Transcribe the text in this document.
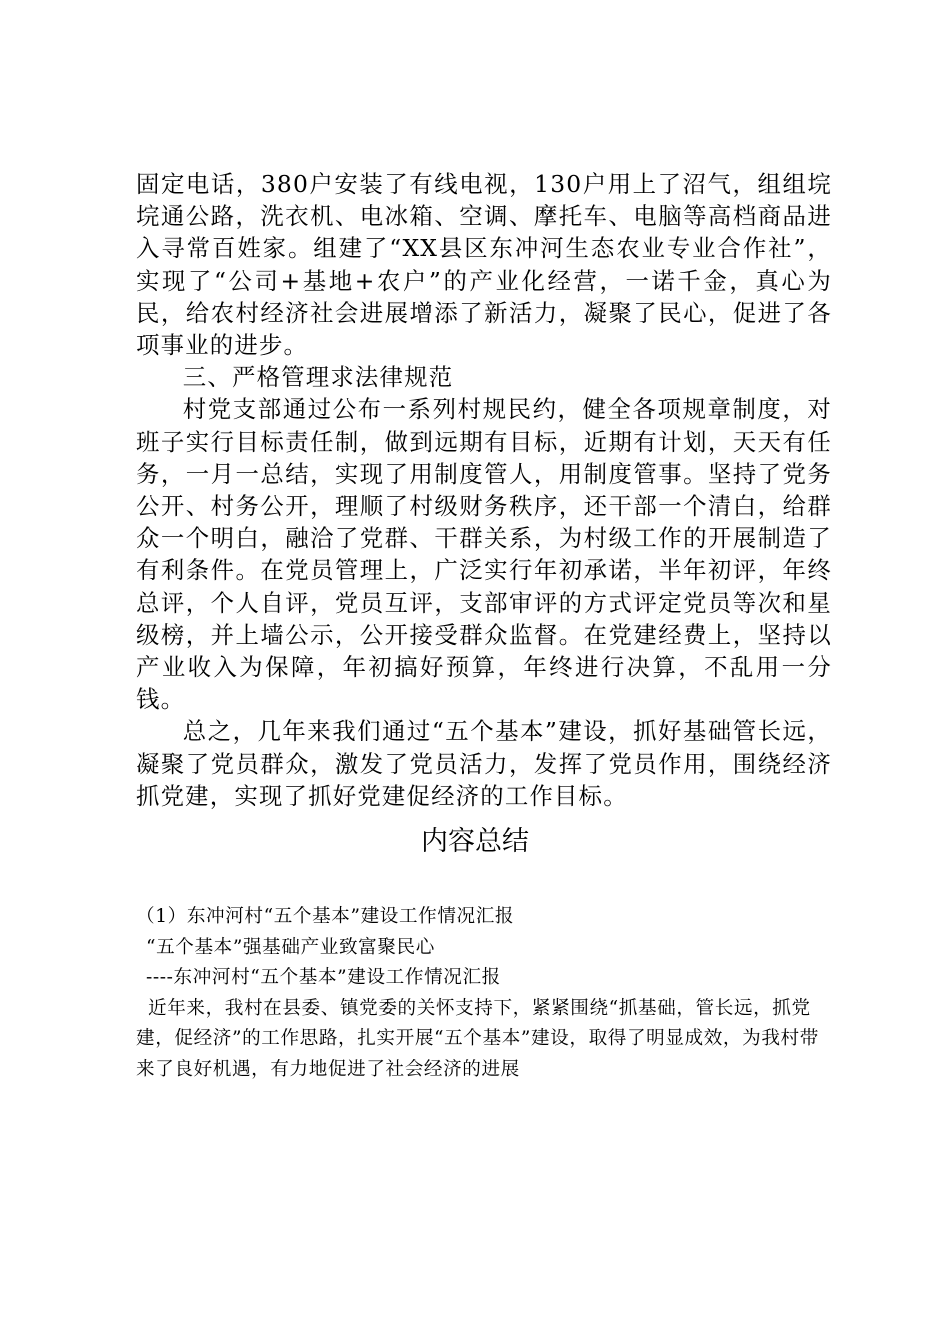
固定电话，380户安装了有线电视，130户用上了沼气，组组垸垸通公路，洗衣机、电冰箱、空调、摩托车、电脑等高档商品进入寻常百姓家。组建了“XX县区东冲河生态农业专业合作社”，实现了“公司+基地+农户”的产业化经营，一诺千金，真心为民，给农村经济社会进展增添了新活力，凝聚了民心，促进了各项事业的进步。

三、严格管理求法律规范

村党支部通过公布一系列村规民约，健全各项规章制度，对班子实行目标责任制，做到远期有目标，近期有计划，天天有任务，一月一总结，实现了用制度管人，用制度管事。坚持了党务公开、村务公开，理顺了村级财务秩序，还干部一个清白，给群众一个明白，融洽了党群、干群关系，为村级工作的开展制造了有利条件。在党员管理上，广泛实行年初承诺，半年初评，年终总评，个人自评，党员互评，支部审评的方式评定党员等次和星级榜，并上墙公示，公开接受群众监督。在党建经费上，坚持以产业收入为保障，年初搞好预算，年终进行决算，不乱用一分钱。

总之，几年来我们通过“五个基本”建设，抓好基础管长远，凝聚了党员群众，激发了党员活力，发挥了党员作用，围绕经济抓党建，实现了抓好党建促经济的工作目标。

内容总结

（1）东冲河村“五个基本”建设工作情况汇报

“五个基本”强基础产业致富聚民心

----东冲河村“五个基本”建设工作情况汇报

近年来，我村在县委、镇党委的关怀支持下，紧紧围绕“抓基础，管长远，抓党建，促经济”的工作思路，扎实开展“五个基本”建设，取得了明显成效，为我村带来了良好机遇，有力地促进了社会经济的进展
